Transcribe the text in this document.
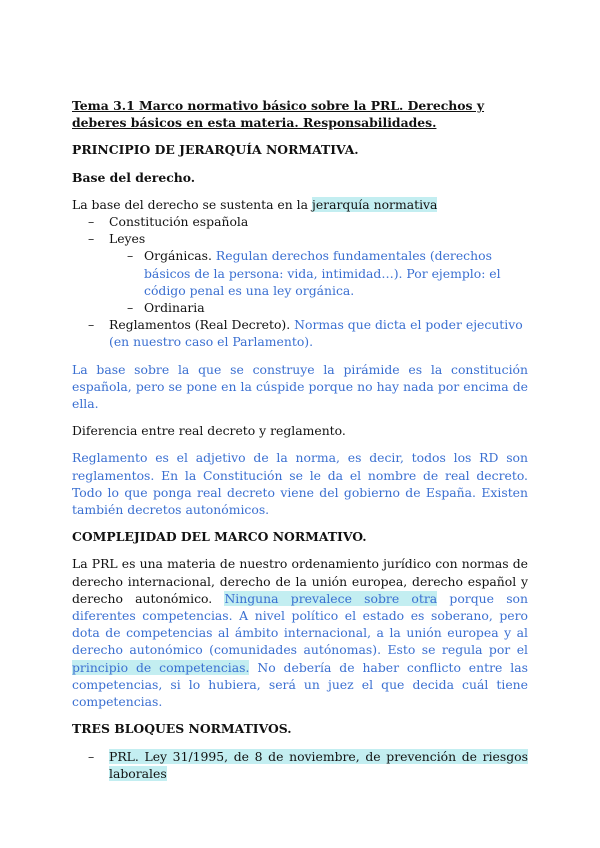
Tema 3.1 Marco normativo básico sobre la PRL. Derechos y deberes básicos en esta materia. Responsabilidades.

PRINCIPIO DE JERARQUÍA NORMATIVA.

Base del derecho.

La base del derecho se sustenta en la jerarquía normativa

– Constitución española
– Leyes
– Orgánicas. Regulan derechos fundamentales (derechos básicos de la persona: vida, intimidad…). Por ejemplo: el código penal es una ley orgánica.
– Ordinaria
– Reglamentos (Real Decreto). Normas que dicta el poder ejecutivo (en nuestro caso el Parlamento).

La base sobre la que se construye la pirámide es la constitución española, pero se pone en la cúspide porque no hay nada por encima de ella.

Diferencia entre real decreto y reglamento.

Reglamento es el adjetivo de la norma, es decir, todos los RD son reglamentos. En la Constitución se le da el nombre de real decreto. Todo lo que ponga real decreto viene del gobierno de España. Existen también decretos autonómicos.

COMPLEJIDAD DEL MARCO NORMATIVO.

La PRL es una materia de nuestro ordenamiento jurídico con normas de derecho internacional, derecho de la unión europea, derecho español y derecho autonómico. Ninguna prevalece sobre otra porque son diferentes competencias. A nivel político el estado es soberano, pero dota de competencias al ámbito internacional, a la unión europea y al derecho autonómico (comunidades autónomas). Esto se regula por el principio de competencias. No debería de haber conflicto entre las competencias, si lo hubiera, será un juez el que decida cuál tiene competencias.

TRES BLOQUES NORMATIVOS.

– PRL. Ley 31/1995, de 8 de noviembre, de prevención de riesgos laborales
